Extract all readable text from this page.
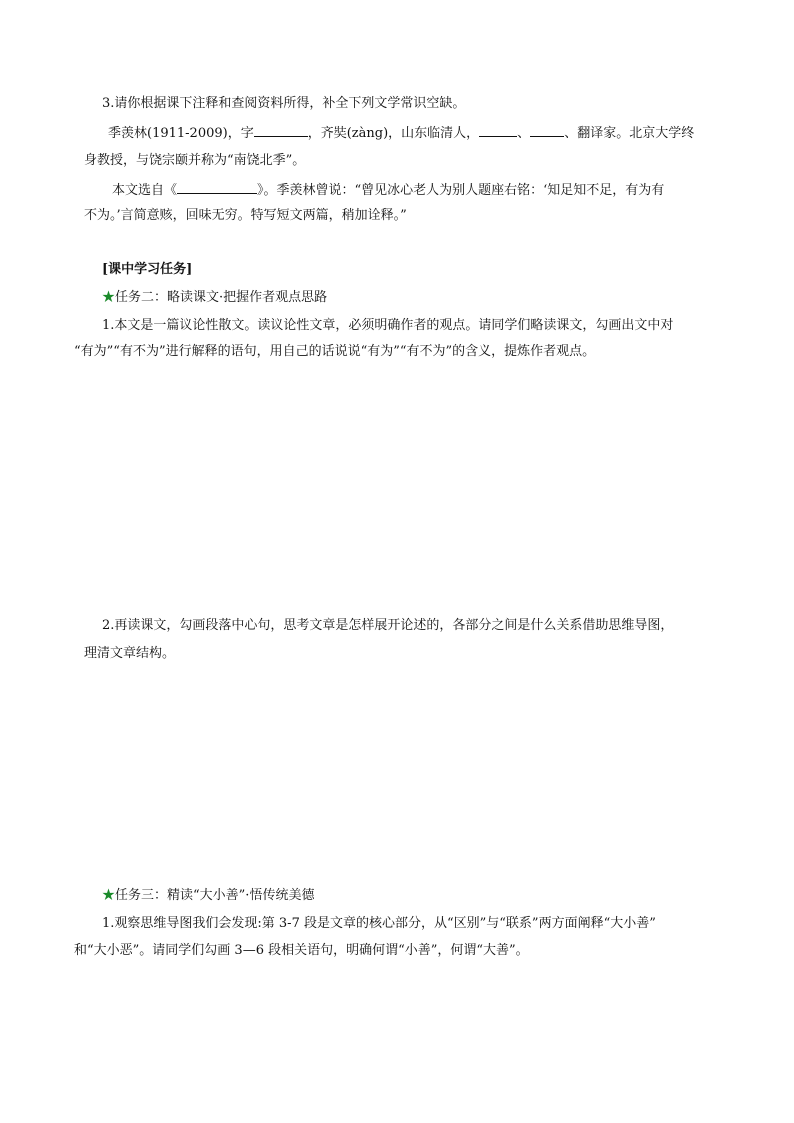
3.请你根据课下注释和查阅资料所得，补全下列文学常识空缺。
季羡林(1911-2009)，字	，齐奘(zàng)，山东临清人，	、	、翻译家。北京大学终
身教授，与饶宗颐并称为“南饶北季”。
本文选自《	》。季羡林曾说：“曾见冰心老人为别人题座右铭：‘知足知不足，有为有
不为。’言简意赅，回味无穷。特写短文两篇，稍加诠释。”
[课中学习任务]
★任务二：略读课文·把握作者观点思路
1.本文是一篇议论性散文。读议论性文章，必须明确作者的观点。请同学们略读课文，勾画出文中对
“有为”“有不为”进行解释的语句，用自己的话说说“有为”“有不为”的含义，提炼作者观点。
2.再读课文，勾画段落中心句，思考文章是怎样展开论述的，各部分之间是什么关系借助思维导图，
理清文章结构。
★任务三：精读“大小善”·悟传统美德
1.观察思维导图我们会发现:第 3-7 段是文章的核心部分，从“区别”与“联系”两方面阐释“大小善”
和“大小恶”。请同学们勾画 3—6 段相关语句，明确何谓“小善”，何谓“大善”。
